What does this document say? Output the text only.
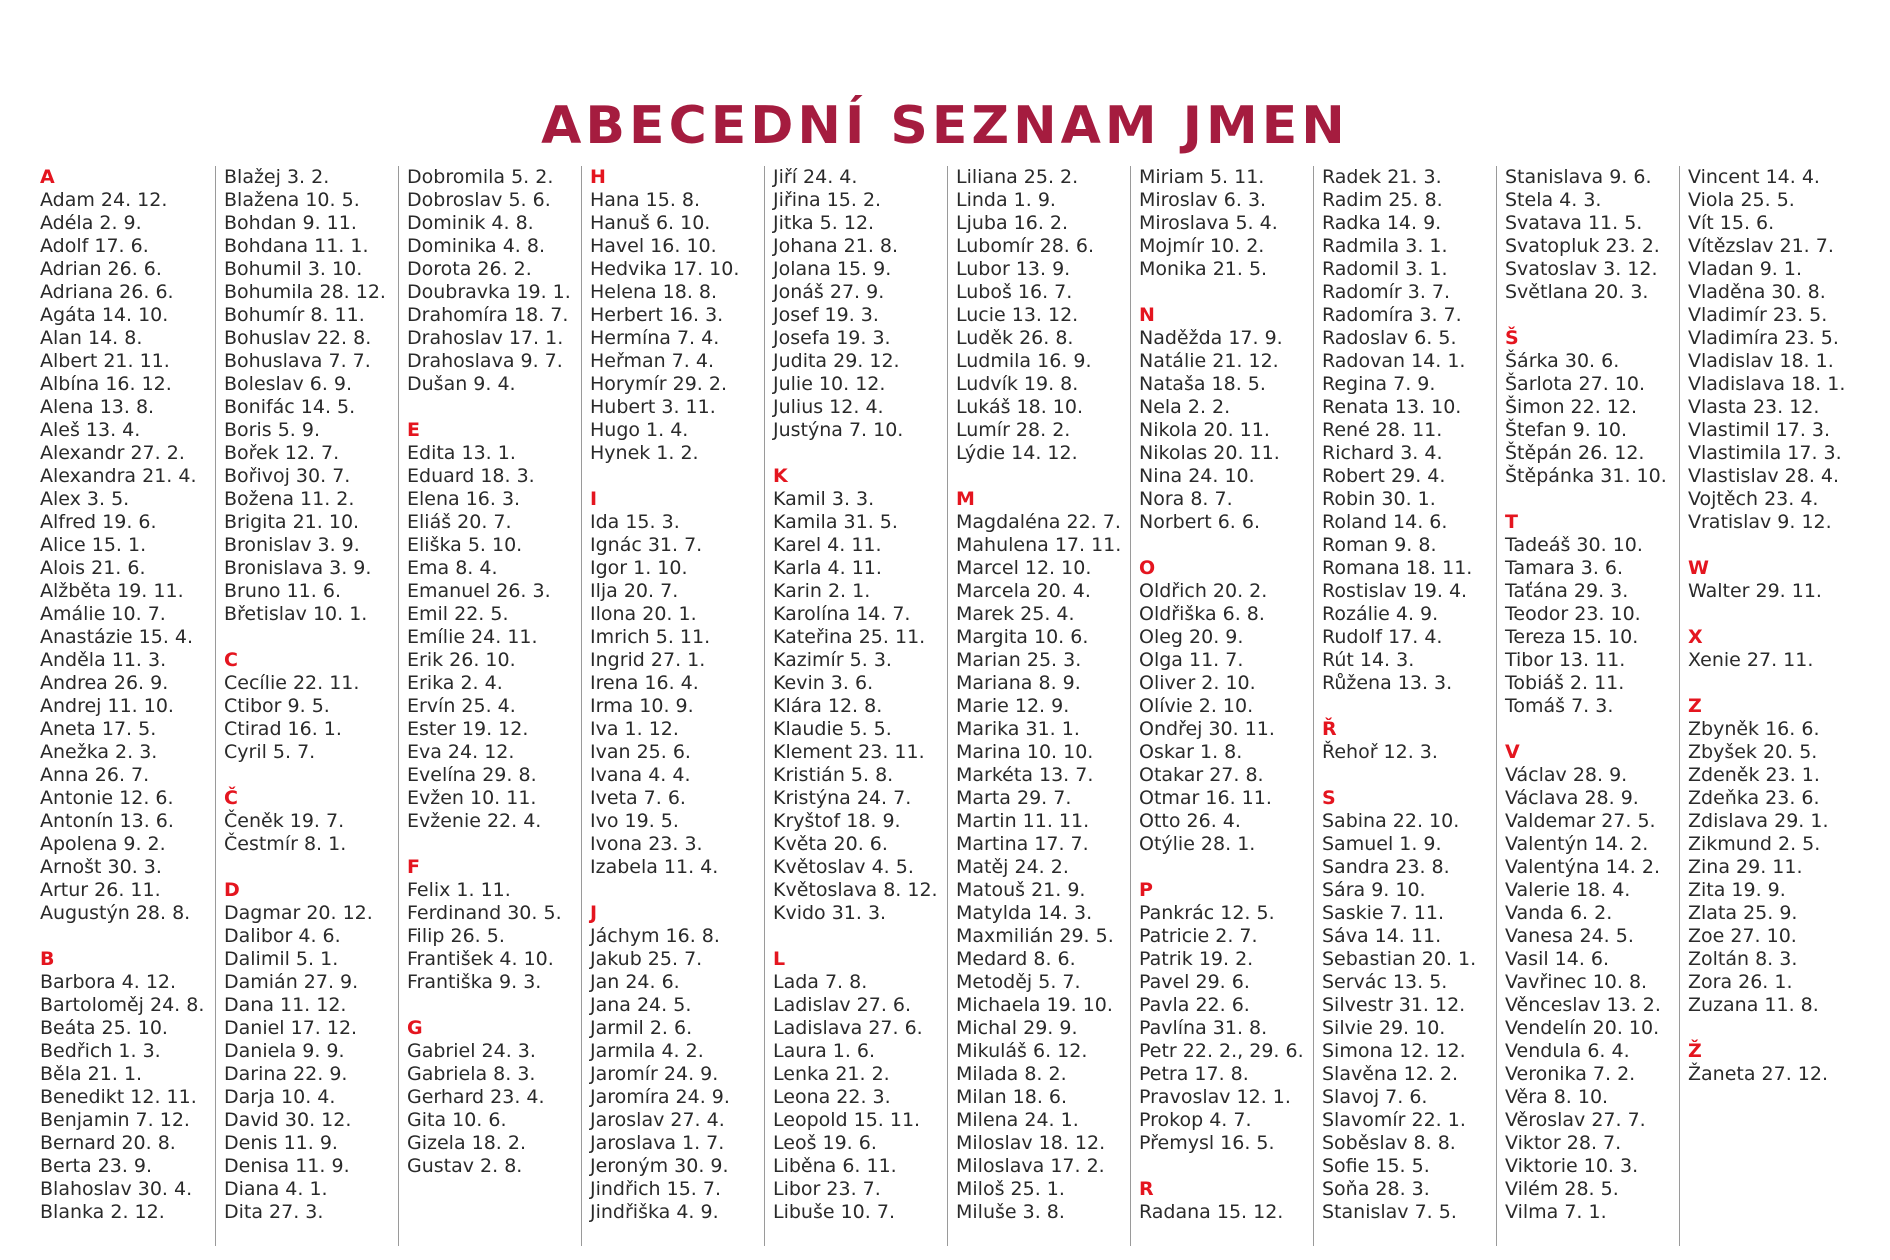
ABECEDNÍ SEZNAM JMEN
A
Adam 24. 12.
Adéla 2. 9.
Adolf 17. 6.
Adrian 26. 6.
Adriana 26. 6.
Agáta 14. 10.
Alan 14. 8.
Albert 21. 11.
Albína 16. 12.
Alena 13. 8.
Aleš 13. 4.
Alexandr 27. 2.
Alexandra 21. 4.
Alex 3. 5.
Alfred 19. 6.
Alice 15. 1.
Alois 21. 6.
Alžběta 19. 11.
Amálie 10. 7.
Anastázie 15. 4.
Anděla 11. 3.
Andrea 26. 9.
Andrej 11. 10.
Aneta 17. 5.
Anežka 2. 3.
Anna 26. 7.
Antonie 12. 6.
Antonín 13. 6.
Apolena 9. 2.
Arnošt 30. 3.
Artur 26. 11.
Augustýn 28. 8.
B
Barbora 4. 12.
Bartoloměj 24. 8.
Beáta 25. 10.
Bedřich 1. 3.
Běla 21. 1.
Benedikt 12. 11.
Benjamin 7. 12.
Bernard 20. 8.
Berta 23. 9.
Blahoslav 30. 4.
Blanka 2. 12.
Blažej 3. 2.
Blažena 10. 5.
Bohdan 9. 11.
Bohdana 11. 1.
Bohumil 3. 10.
Bohumila 28. 12.
Bohumír 8. 11.
Bohuslav 22. 8.
Bohuslava 7. 7.
Boleslav 6. 9.
Bonifác 14. 5.
Boris 5. 9.
Bořek 12. 7.
Bořivoj 30. 7.
Božena 11. 2.
Brigita 21. 10.
Bronislav 3. 9.
Bronislava 3. 9.
Bruno 11. 6.
Břetislav 10. 1.
C
Cecílie 22. 11.
Ctibor 9. 5.
Ctirad 16. 1.
Cyril 5. 7.
Č
Čeněk 19. 7.
Čestmír 8. 1.
D
Dagmar 20. 12.
Dalibor 4. 6.
Dalimil 5. 1.
Damián 27. 9.
Dana 11. 12.
Daniel 17. 12.
Daniela 9. 9.
Darina 22. 9.
Darja 10. 4.
David 30. 12.
Denis 11. 9.
Denisa 11. 9.
Diana 4. 1.
Dita 27. 3.
Dobromila 5. 2.
Dobroslav 5. 6.
Dominik 4. 8.
Dominika 4. 8.
Dorota 26. 2.
Doubravka 19. 1.
Drahomíra 18. 7.
Drahoslav 17. 1.
Drahoslava 9. 7.
Dušan 9. 4.
E
Edita 13. 1.
Eduard 18. 3.
Elena 16. 3.
Eliáš 20. 7.
Eliška 5. 10.
Ema 8. 4.
Emanuel 26. 3.
Emil 22. 5.
Emílie 24. 11.
Erik 26. 10.
Erika 2. 4.
Ervín 25. 4.
Ester 19. 12.
Eva 24. 12.
Evelína 29. 8.
Evžen 10. 11.
Evženie 22. 4.
F
Felix 1. 11.
Ferdinand 30. 5.
Filip 26. 5.
František 4. 10.
Františka 9. 3.
G
Gabriel 24. 3.
Gabriela 8. 3.
Gerhard 23. 4.
Gita 10. 6.
Gizela 18. 2.
Gustav 2. 8.
H
Hana 15. 8.
Hanuš 6. 10.
Havel 16. 10.
Hedvika 17. 10.
Helena 18. 8.
Herbert 16. 3.
Hermína 7. 4.
Heřman 7. 4.
Horymír 29. 2.
Hubert 3. 11.
Hugo 1. 4.
Hynek 1. 2.
I
Ida 15. 3.
Ignác 31. 7.
Igor 1. 10.
Ilja 20. 7.
Ilona 20. 1.
Imrich 5. 11.
Ingrid 27. 1.
Irena 16. 4.
Irma 10. 9.
Iva 1. 12.
Ivan 25. 6.
Ivana 4. 4.
Iveta 7. 6.
Ivo 19. 5.
Ivona 23. 3.
Izabela 11. 4.
J
Jáchym 16. 8.
Jakub 25. 7.
Jan 24. 6.
Jana 24. 5.
Jarmil 2. 6.
Jarmila 4. 2.
Jaromír 24. 9.
Jaromíra 24. 9.
Jaroslav 27. 4.
Jaroslava 1. 7.
Jeroným 30. 9.
Jindřich 15. 7.
Jindřiška 4. 9.
Jiří 24. 4.
Jiřina 15. 2.
Jitka 5. 12.
Johana 21. 8.
Jolana 15. 9.
Jonáš 27. 9.
Josef 19. 3.
Josefa 19. 3.
Judita 29. 12.
Julie 10. 12.
Julius 12. 4.
Justýna 7. 10.
K
Kamil 3. 3.
Kamila 31. 5.
Karel 4. 11.
Karla 4. 11.
Karin 2. 1.
Karolína 14. 7.
Kateřina 25. 11.
Kazimír 5. 3.
Kevin 3. 6.
Klára 12. 8.
Klaudie 5. 5.
Klement 23. 11.
Kristián 5. 8.
Kristýna 24. 7.
Kryštof 18. 9.
Květa 20. 6.
Květoslav 4. 5.
Květoslava 8. 12.
Kvido 31. 3.
L
Lada 7. 8.
Ladislav 27. 6.
Ladislava 27. 6.
Laura 1. 6.
Lenka 21. 2.
Leona 22. 3.
Leopold 15. 11.
Leoš 19. 6.
Liběna 6. 11.
Libor 23. 7.
Libuše 10. 7.
Liliana 25. 2.
Linda 1. 9.
Ljuba 16. 2.
Lubomír 28. 6.
Lubor 13. 9.
Luboš 16. 7.
Lucie 13. 12.
Luděk 26. 8.
Ludmila 16. 9.
Ludvík 19. 8.
Lukáš 18. 10.
Lumír 28. 2.
Lýdie 14. 12.
M
Magdaléna 22. 7.
Mahulena 17. 11.
Marcel 12. 10.
Marcela 20. 4.
Marek 25. 4.
Margita 10. 6.
Marian 25. 3.
Mariana 8. 9.
Marie 12. 9.
Marika 31. 1.
Marina 10. 10.
Markéta 13. 7.
Marta 29. 7.
Martin 11. 11.
Martina 17. 7.
Matěj 24. 2.
Matouš 21. 9.
Matylda 14. 3.
Maxmilián 29. 5.
Medard 8. 6.
Metoděj 5. 7.
Michaela 19. 10.
Michal 29. 9.
Mikuláš 6. 12.
Milada 8. 2.
Milan 18. 6.
Milena 24. 1.
Miloslav 18. 12.
Miloslava 17. 2.
Miloš 25. 1.
Miluše 3. 8.
Miriam 5. 11.
Miroslav 6. 3.
Miroslava 5. 4.
Mojmír 10. 2.
Monika 21. 5.
N
Naděžda 17. 9.
Natálie 21. 12.
Nataša 18. 5.
Nela 2. 2.
Nikola 20. 11.
Nikolas 20. 11.
Nina 24. 10.
Nora 8. 7.
Norbert 6. 6.
O
Oldřich 20. 2.
Oldřiška 6. 8.
Oleg 20. 9.
Olga 11. 7.
Oliver 2. 10.
Olívie 2. 10.
Ondřej 30. 11.
Oskar 1. 8.
Otakar 27. 8.
Otmar 16. 11.
Otto 26. 4.
Otýlie 28. 1.
P
Pankrác 12. 5.
Patricie 2. 7.
Patrik 19. 2.
Pavel 29. 6.
Pavla 22. 6.
Pavlína 31. 8.
Petr 22. 2., 29. 6.
Petra 17. 8.
Pravoslav 12. 1.
Prokop 4. 7.
Přemysl 16. 5.
R
Radana 15. 12.
Radek 21. 3.
Radim 25. 8.
Radka 14. 9.
Radmila 3. 1.
Radomil 3. 1.
Radomír 3. 7.
Radomíra 3. 7.
Radoslav 6. 5.
Radovan 14. 1.
Regina 7. 9.
Renata 13. 10.
René 28. 11.
Richard 3. 4.
Robert 29. 4.
Robin 30. 1.
Roland 14. 6.
Roman 9. 8.
Romana 18. 11.
Rostislav 19. 4.
Rozálie 4. 9.
Rudolf 17. 4.
Rút 14. 3.
Růžena 13. 3.
Ř
Řehoř 12. 3.
S
Sabina 22. 10.
Samuel 1. 9.
Sandra 23. 8.
Sára 9. 10.
Saskie 7. 11.
Sáva 14. 11.
Sebastian 20. 1.
Servác 13. 5.
Silvestr 31. 12.
Silvie 29. 10.
Simona 12. 12.
Slavěna 12. 2.
Slavoj 7. 6.
Slavomír 22. 1.
Soběslav 8. 8.
Sofie 15. 5.
Soňa 28. 3.
Stanislav 7. 5.
Stanislava 9. 6.
Stela 4. 3.
Svatava 11. 5.
Svatopluk 23. 2.
Svatoslav 3. 12.
Světlana 20. 3.
Š
Šárka 30. 6.
Šarlota 27. 10.
Šimon 22. 12.
Štefan 9. 10.
Štěpán 26. 12.
Štěpánka 31. 10.
T
Tadeáš 30. 10.
Tamara 3. 6.
Taťána 29. 3.
Teodor 23. 10.
Tereza 15. 10.
Tibor 13. 11.
Tobiáš 2. 11.
Tomáš 7. 3.
V
Václav 28. 9.
Václava 28. 9.
Valdemar 27. 5.
Valentýn 14. 2.
Valentýna 14. 2.
Valerie 18. 4.
Vanda 6. 2.
Vanesa 24. 5.
Vasil 14. 6.
Vavřinec 10. 8.
Věnceslav 13. 2.
Vendelín 20. 10.
Vendula 6. 4.
Veronika 7. 2.
Věra 8. 10.
Věroslav 27. 7.
Viktor 28. 7.
Viktorie 10. 3.
Vilém 28. 5.
Vilma 7. 1.
Vincent 14. 4.
Viola 25. 5.
Vít 15. 6.
Vítězslav 21. 7.
Vladan 9. 1.
Vladěna 30. 8.
Vladimír 23. 5.
Vladimíra 23. 5.
Vladislav 18. 1.
Vladislava 18. 1.
Vlasta 23. 12.
Vlastimil 17. 3.
Vlastimila 17. 3.
Vlastislav 28. 4.
Vojtěch 23. 4.
Vratislav 9. 12.
W
Walter 29. 11.
X
Xenie 27. 11.
Z
Zbyněk 16. 6.
Zbyšek 20. 5.
Zdeněk 23. 1.
Zdeňka 23. 6.
Zdislava 29. 1.
Zikmund 2. 5.
Zina 29. 11.
Zita 19. 9.
Zlata 25. 9.
Zoe 27. 10.
Zoltán 8. 3.
Zora 26. 1.
Zuzana 11. 8.
Ž
Žaneta 27. 12.
